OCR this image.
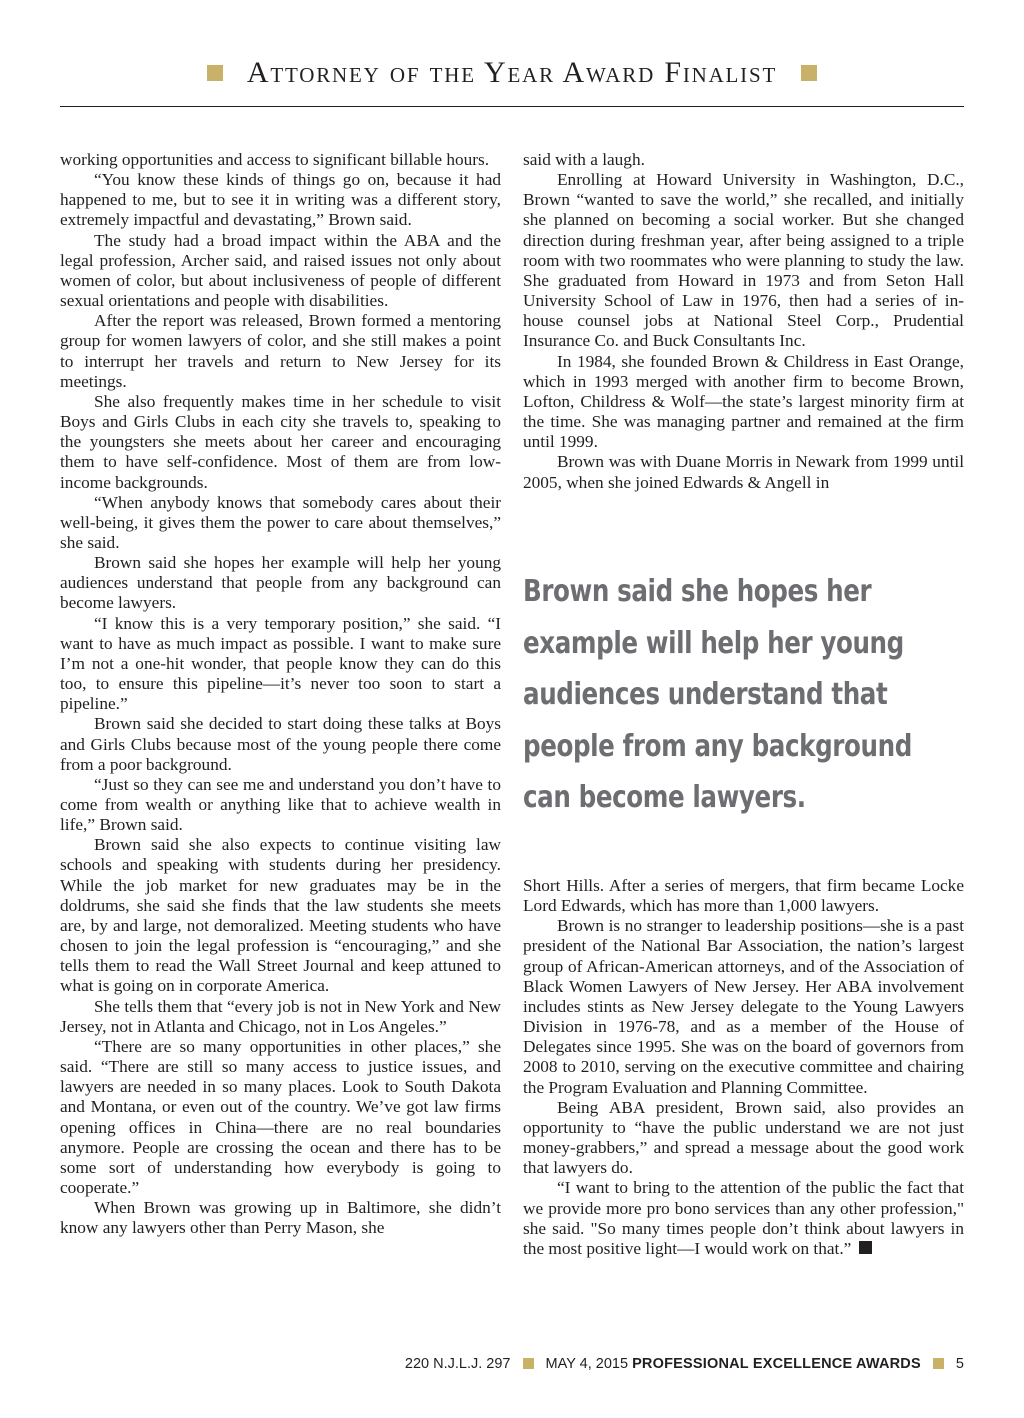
Attorney of the Year Award Finalist

working opportunities and access to significant billable hours.

“You know these kinds of things go on, because it had happened to me, but to see it in writing was a different story, extremely impactful and devastating,” Brown said.

The study had a broad impact within the ABA and the legal profession, Archer said, and raised issues not only about women of color, but about inclusiveness of people of different sexual orientations and people with disabilities.

After the report was released, Brown formed a mentoring group for women lawyers of color, and she still makes a point to interrupt her travels and return to New Jersey for its meetings.

She also frequently makes time in her schedule to visit Boys and Girls Clubs in each city she travels to, speaking to the youngsters she meets about her career and encouraging them to have self-confidence. Most of them are from low-income backgrounds.

“When anybody knows that somebody cares about their well-being, it gives them the power to care about themselves,” she said.

Brown said she hopes her example will help her young audiences understand that people from any background can become lawyers.

“I know this is a very temporary position,” she said. “I want to have as much impact as possible. I want to make sure I’m not a one-hit wonder, that people know they can do this too, to ensure this pipeline—it’s never too soon to start a pipeline.”

Brown said she decided to start doing these talks at Boys and Girls Clubs because most of the young people there come from a poor background.

“Just so they can see me and understand you don’t have to come from wealth or anything like that to achieve wealth in life,” Brown said.

Brown said she also expects to continue visiting law schools and speaking with students during her presidency. While the job market for new graduates may be in the doldrums, she said she finds that the law students she meets are, by and large, not demoralized. Meeting students who have chosen to join the legal profession is “encouraging,” and she tells them to read the Wall Street Journal and keep attuned to what is going on in corporate America.

She tells them that “every job is not in New York and New Jersey, not in Atlanta and Chicago, not in Los Angeles.”

“There are so many opportunities in other places,” she said. “There are still so many access to justice issues, and lawyers are needed in so many places. Look to South Dakota and Montana, or even out of the country. We’ve got law firms opening offices in China—there are no real boundaries anymore. People are crossing the ocean and there has to be some sort of understanding how everybody is going to cooperate.”

When Brown was growing up in Baltimore, she didn’t know any lawyers other than Perry Mason, she

said with a laugh.

Enrolling at Howard University in Washington, D.C., Brown “wanted to save the world,” she recalled, and initially she planned on becoming a social worker. But she changed direction during freshman year, after being assigned to a triple room with two roommates who were planning to study the law. She graduated from Howard in 1973 and from Seton Hall University School of Law in 1976, then had a series of in-house counsel jobs at National Steel Corp., Prudential Insurance Co. and Buck Consultants Inc.

In 1984, she founded Brown & Childress in East Orange, which in 1993 merged with another firm to become Brown, Lofton, Childress & Wolf—the state’s largest minority firm at the time. She was managing partner and remained at the firm until 1999.

Brown was with Duane Morris in Newark from 1999 until 2005, when she joined Edwards & Angell in

Brown said she hopes her example will help her young audiences understand that people from any background can become lawyers.

Short Hills. After a series of mergers, that firm became Locke Lord Edwards, which has more than 1,000 lawyers.

Brown is no stranger to leadership positions—she is a past president of the National Bar Association, the nation’s largest group of African-American attorneys, and of the Association of Black Women Lawyers of New Jersey. Her ABA involvement includes stints as New Jersey delegate to the Young Lawyers Division in 1976-78, and as a member of the House of Delegates since 1995. She was on the board of governors from 2008 to 2010, serving on the executive committee and chairing the Program Evaluation and Planning Committee.

Being ABA president, Brown said, also provides an opportunity to “have the public understand we are not just money-grabbers,” and spread a message about the good work that lawyers do.

“I want to bring to the attention of the public the fact that we provide more pro bono services than any other profession," she said. "So many times people don’t think about lawyers in the most positive light—I would work on that.”

220 N.J.L.J. 297 MAY 4, 2015 PROFESSIONAL EXCELLENCE AWARDS 5
